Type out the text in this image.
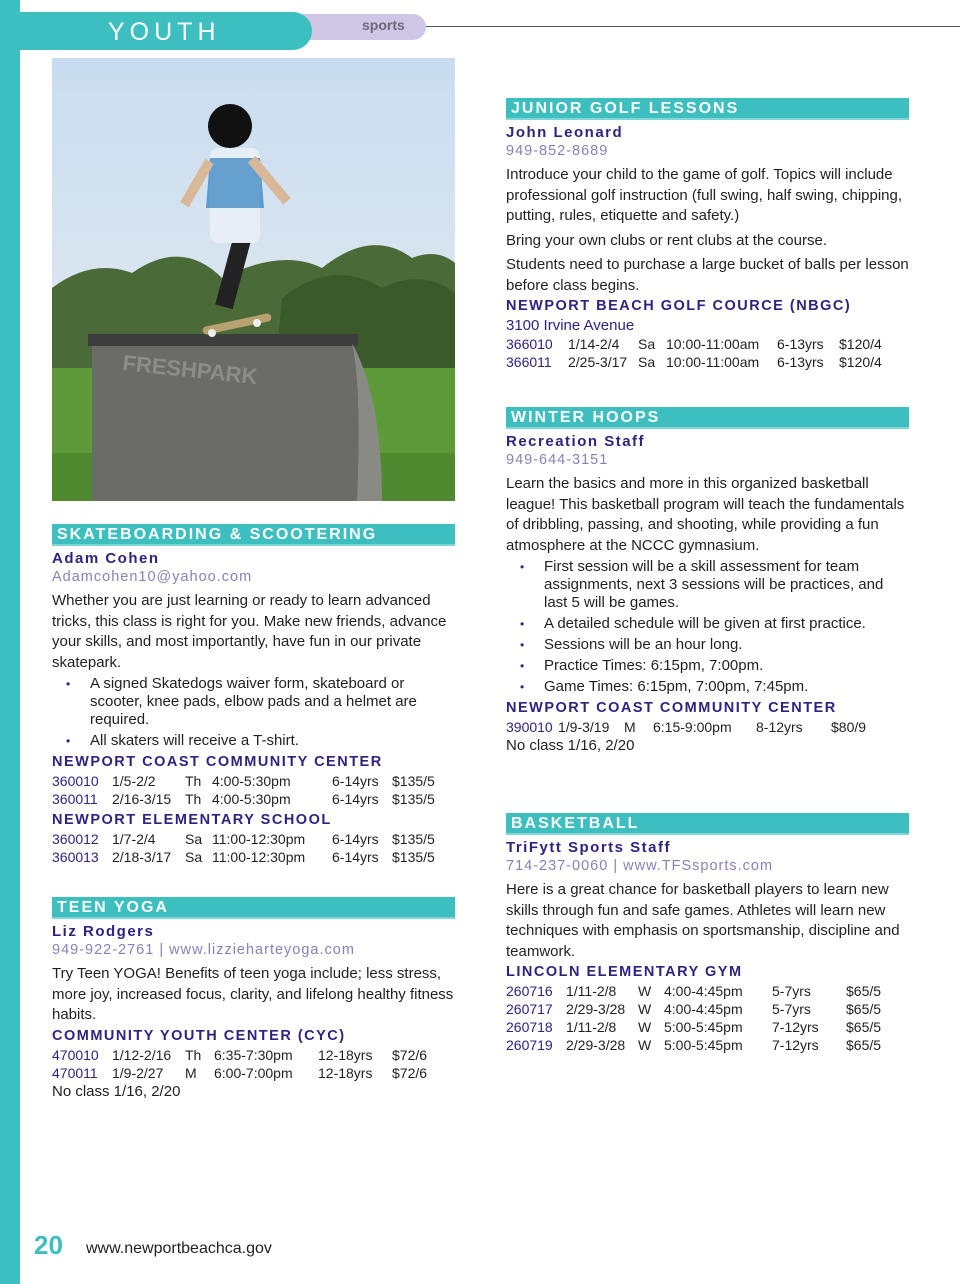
sports
YOUTH
FRESHPARK
SKATEBOARDING & SCOOTERING
Adam Cohen
Adamcohen10@yahoo.com
Whether you are just learning or ready to learn advanced tricks, this class is right for you. Make new friends, advance your skills, and most importantly, have fun in our private skatepark.
• A signed Skatedogs waiver form, skateboard or scooter, knee pads, elbow pads and a helmet are required.
• All skaters will receive a T-shirt.
NEWPORT COAST COMMUNITY CENTER
360010 1/5-2/2 Th 4:00-5:30pm	6-14yrs $135/5
360011 2/16-3/15 Th 4:00-5:30pm	6-14yrs $135/5
NEWPORT ELEMENTARY SCHOOL
360012 1/7-2/4 Sa 11:00-12:30pm 6-14yrs $135/5
360013 2/18-3/17 Sa 11:00-12:30pm 6-14yrs $135/5
TEEN YOGA
Liz Rodgers
949-922-2761 | www.lizzieharteyoga.com
Try Teen YOGA! Benefits of teen yoga include; less stress, more joy, increased focus, clarity, and lifelong healthy fitness habits.
COMMUNITY YOUTH CENTER (CYC)
470010 1/12-2/16 Th 6:35-7:30pm 12-18yrs $72/6
470011 1/9-2/27 M 6:00-7:00pm 12-18yrs $72/6
No class 1/16, 2/20
JUNIOR GOLF LESSONS
John Leonard
949-852-8689
Introduce your child to the game of golf. Topics will include professional golf instruction (full swing, half swing, chipping, putting, rules, etiquette and safety.)
Bring your own clubs or rent clubs at the course.
Students need to purchase a large bucket of balls per lesson before class begins.
NEWPORT BEACH GOLF COURCE (NBGC)
3100 Irvine Avenue
366010 1/14-2/4 Sa 10:00-11:00am 6-13yrs $120/4
366011 2/25-3/17 Sa 10:00-11:00am 6-13yrs $120/4
WINTER HOOPS
Recreation Staff
949-644-3151
Learn the basics and more in this organized basketball league! This basketball program will teach the fundamentals of dribbling, passing, and shooting, while providing a fun atmosphere at the NCCC gymnasium.
• First session will be a skill assessment for team assignments, next 3 sessions will be practices, and last 5 will be games.
• A detailed schedule will be given at first practice.
• Sessions will be an hour long.
• Practice Times: 6:15pm, 7:00pm.
• Game Times: 6:15pm, 7:00pm, 7:45pm.
NEWPORT COAST COMMUNITY CENTER
390010 1/9-3/19 M 6:15-9:00pm 8-12yrs $80/9
No class 1/16, 2/20
BASKETBALL
TriFytt Sports Staff
714-237-0060 | www.TFSsports.com
Here is a great chance for basketball players to learn new skills through fun and safe games. Athletes will learn new techniques with emphasis on sportsmanship, discipline and teamwork.
LINCOLN ELEMENTARY GYM
260716 1/11-2/8 W 4:00-4:45pm 5-7yrs	$65/5
260717 2/29-3/28 W 4:00-4:45pm 5-7yrs	$65/5
260718 1/11-2/8 W 5:00-5:45pm 7-12yrs $65/5
260719 2/29-3/28 W 5:00-5:45pm 7-12yrs $65/5
20 www.newportbeachca.gov
